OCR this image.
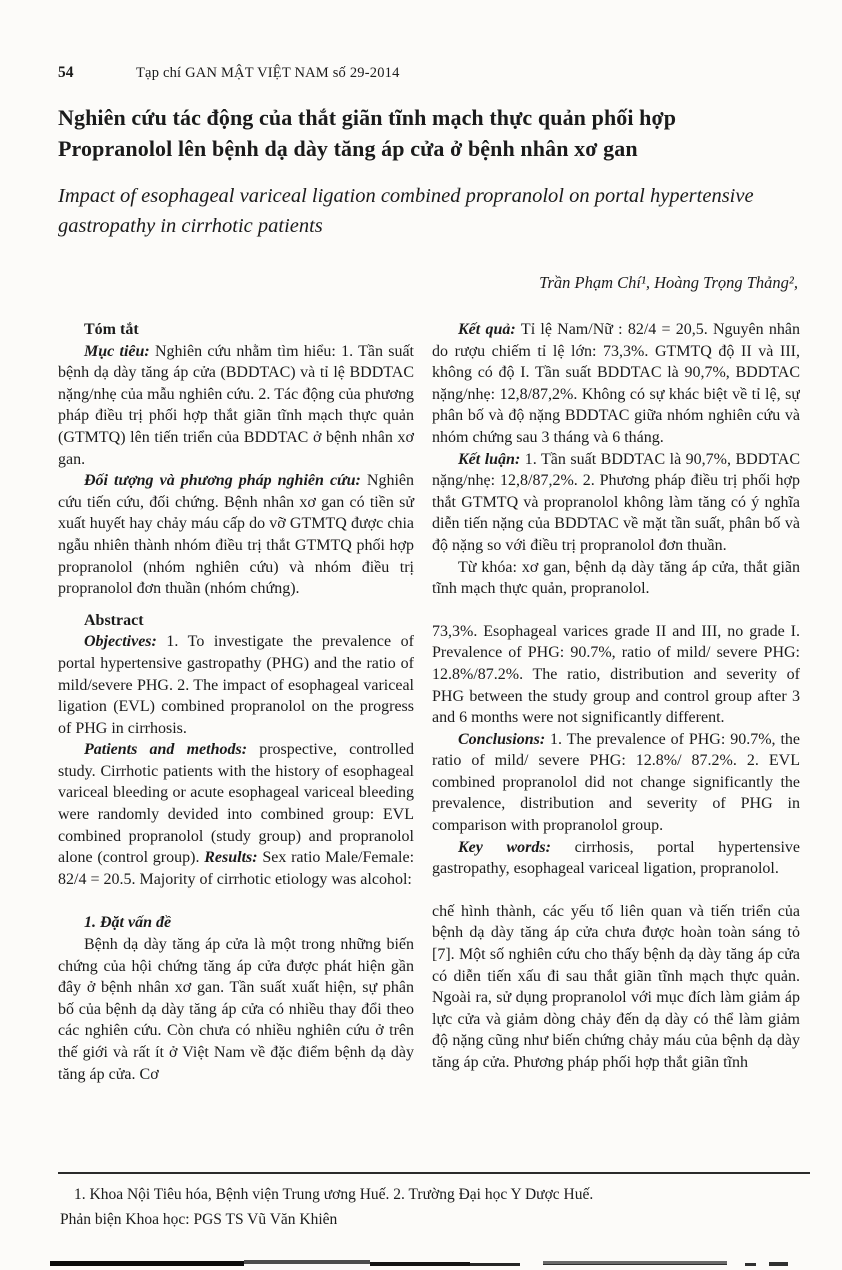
54	Tạp chí GAN MẬT VIỆT NAM số 29-2014
Nghiên cứu tác động của thắt giãn tĩnh mạch thực quản phối hợp Propranolol lên bệnh dạ dày tăng áp cửa ở bệnh nhân xơ gan
Impact of esophageal variceal ligation combined propranolol on portal hypertensive gastropathy in cirrhotic patients
Trần Phạm Chí¹, Hoàng Trọng Thảng²,
Tóm tắt

Mục tiêu: Nghiên cứu nhằm tìm hiểu: 1. Tần suất bệnh dạ dày tăng áp cửa (BDDTAC) và tỉ lệ BDDTAC nặng/nhẹ của mẫu nghiên cứu. 2. Tác động của phương pháp điều trị phối hợp thắt giãn tĩnh mạch thực quản (GTMTQ) lên tiến triển của BDDTAC ở bệnh nhân xơ gan.

Đối tượng và phương pháp nghiên cứu: Nghiên cứu tiến cứu, đối chứng. Bệnh nhân xơ gan có tiền sử xuất huyết hay chảy máu cấp do vỡ GTMTQ được chia ngẫu nhiên thành nhóm điều trị thắt GTMTQ phối hợp propranolol (nhóm nghiên cứu) và nhóm điều trị propranolol đơn thuần (nhóm chứng).

Abstract

Objectives: 1. To investigate the prevalence of portal hypertensive gastropathy (PHG) and the ratio of mild/severe PHG. 2. The impact of esophageal variceal ligation (EVL) combined propranolol on the progress of PHG in cirrhosis.

Patients and methods: prospective, controlled study. Cirrhotic patients with the history of esophageal variceal bleeding or acute esophageal variceal bleeding were randomly devided into combined group: EVL combined propranolol (study group) and propranolol alone (control group). Results: Sex ratio Male/Female: 82/4 = 20.5. Majority of cirrhotic etiology was alcohol:

1. Đặt vấn đề

Bệnh dạ dày tăng áp cửa là một trong những biến chứng của hội chứng tăng áp cửa được phát hiện gần đây ở bệnh nhân xơ gan. Tần suất xuất hiện, sự phân bố của bệnh dạ dày tăng áp cửa có nhiều thay đổi theo các nghiên cứu. Còn chưa có nhiều nghiên cứu ở trên thế giới và rất ít ở Việt Nam về đặc điểm bệnh dạ dày tăng áp cửa. Cơ

Kết quả: Tỉ lệ Nam/Nữ : 82/4 = 20,5. Nguyên nhân do rượu chiếm tỉ lệ lớn: 73,3%. GTMTQ độ II và III, không có độ I. Tần suất BDDTAC là 90,7%, BDDTAC nặng/nhẹ: 12,8/87,2%. Không có sự khác biệt về tỉ lệ, sự phân bố và độ nặng BDDTAC giữa nhóm nghiên cứu và nhóm chứng sau 3 tháng và 6 tháng.

Kết luận: 1. Tần suất BDDTAC là 90,7%, BDDTAC nặng/nhẹ: 12,8/87,2%. 2. Phương pháp điều trị phối hợp thắt GTMTQ và propranolol không làm tăng có ý nghĩa diễn tiến nặng của BDDTAC về mặt tần suất, phân bố và độ nặng so với điều trị propranolol đơn thuần.

Từ khóa: xơ gan, bệnh dạ dày tăng áp cửa, thắt giãn tĩnh mạch thực quản, propranolol.

73,3%. Esophageal varices grade II and III, no grade I. Prevalence of PHG: 90.7%, ratio of mild/ severe PHG: 12.8%/87.2%. The ratio, distribution and severity of PHG between the study group and control group after 3 and 6 months were not significantly different.

Conclusions: 1. The prevalence of PHG: 90.7%, the ratio of mild/ severe PHG: 12.8%/ 87.2%. 2. EVL combined propranolol did not change significantly the prevalence, distribution and severity of PHG in comparison with propranolol group.

Key words: cirrhosis, portal hypertensive gastropathy, esophageal variceal ligation, propranolol.

chế hình thành, các yếu tố liên quan và tiến triển của bệnh dạ dày tăng áp cửa chưa được hoàn toàn sáng tỏ [7]. Một số nghiên cứu cho thấy bệnh dạ dày tăng áp cửa có diễn tiến xấu đi sau thắt giãn tĩnh mạch thực quản. Ngoài ra, sử dụng propranolol với mục đích làm giảm áp lực cửa và giảm dòng chảy đến dạ dày có thể làm giảm độ nặng cũng như biến chứng chảy máu của bệnh dạ dày tăng áp cửa. Phương pháp phối hợp thắt giãn tĩnh

1. Khoa Nội Tiêu hóa, Bệnh viện Trung ương Huế. 2. Trường Đại học Y Dược Huế.
Phản biện Khoa học: PGS TS Vũ Văn Khiên
